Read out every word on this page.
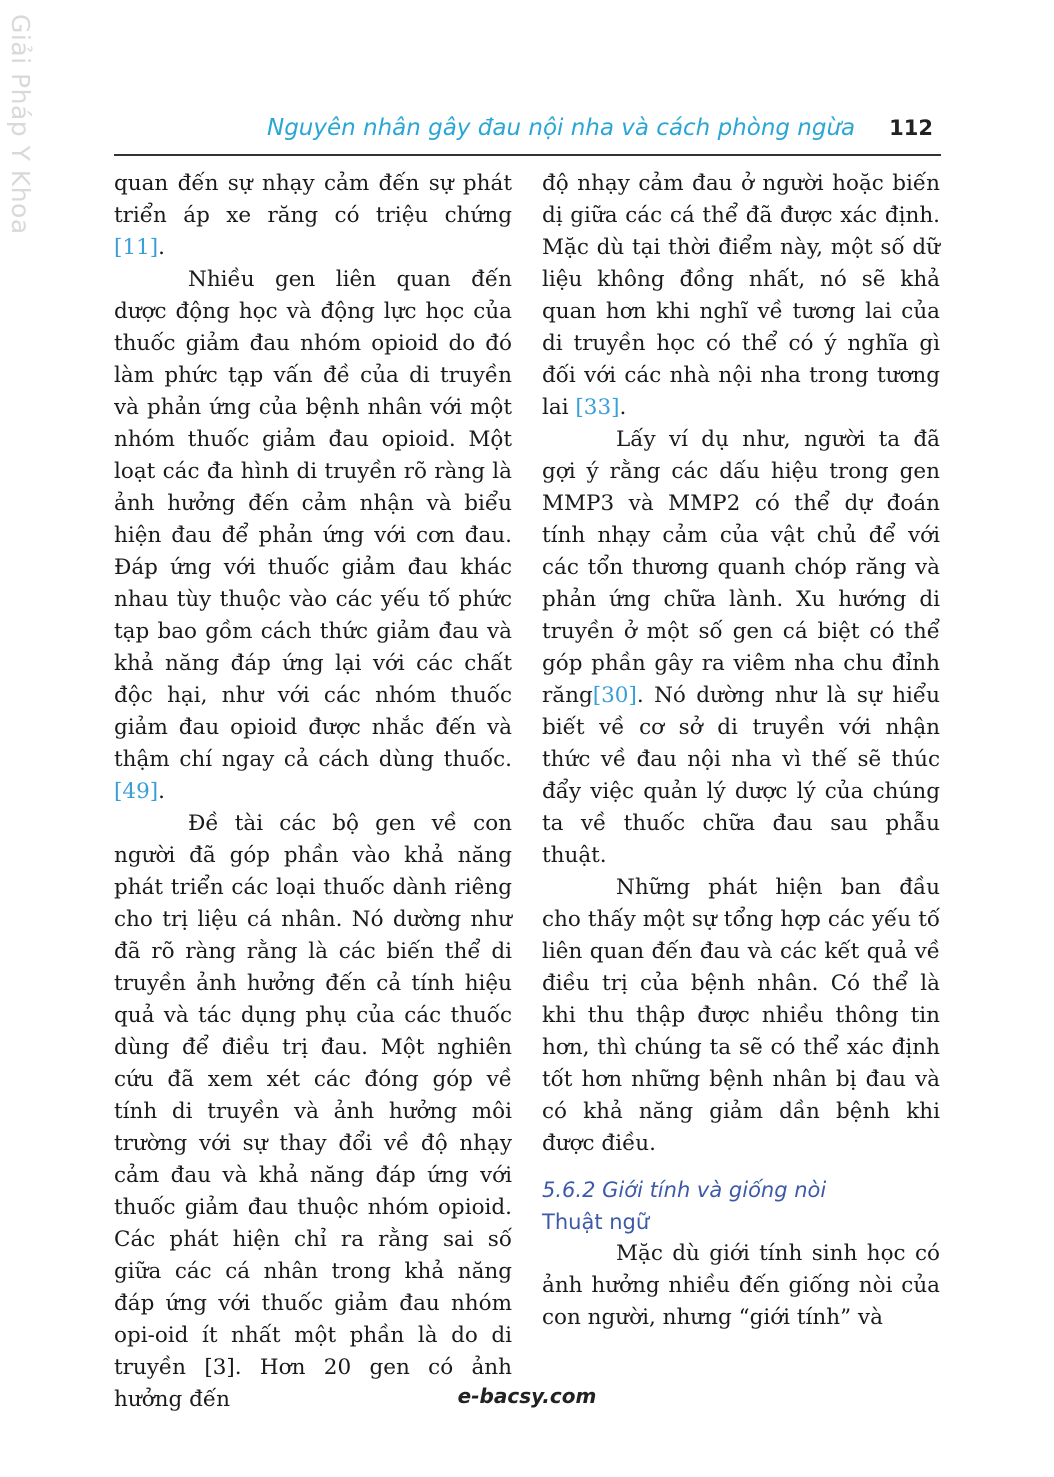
Giải Pháp Y Khoa	Nguyên nhân gây đau nội nha và cách phòng ngừa 112

quan đến sự nhạy cảm đến sự phát triển áp xe răng có triệu chứng [11].

Nhiều gen liên quan đến dược động học và động lực học của thuốc giảm đau nhóm opioid do đó làm phức tạp vấn đề của di truyền và phản ứng của bệnh nhân với một nhóm thuốc giảm đau opioid. Một loạt các đa hình di truyền rõ ràng là ảnh hưởng đến cảm nhận và biểu hiện đau để phản ứng với cơn đau. Đáp ứng với thuốc giảm đau khác nhau tùy thuộc vào các yếu tố phức tạp bao gồm cách thức giảm đau và khả năng đáp ứng lại với các chất độc hại, như với các nhóm thuốc giảm đau opioid được nhắc đến và thậm chí ngay cả cách dùng thuốc. [49].

Đề tài các bộ gen về con người đã góp phần vào khả năng phát triển các loại thuốc dành riêng cho trị liệu cá nhân. Nó dường như đã rõ ràng rằng là các biến thể di truyền ảnh hưởng đến cả tính hiệu quả và tác dụng phụ của các thuốc dùng để điều trị đau. Một nghiên cứu đã xem xét các đóng góp về tính di truyền và ảnh hưởng môi trường với sự thay đổi về độ nhạy cảm đau và khả năng đáp ứng với thuốc giảm đau thuộc nhóm opioid. Các phát hiện chỉ ra rằng sai số giữa các cá nhân trong khả năng đáp ứng với thuốc giảm đau nhóm opi-oid ít nhất một phần là do di truyền [3]. Hơn 20 gen có ảnh hưởng đến

độ nhạy cảm đau ở người hoặc biến dị giữa các cá thể đã được xác định. Mặc dù tại thời điểm này, một số dữ liệu không đồng nhất, nó sẽ khả quan hơn khi nghĩ về tương lai của di truyền học có thể có ý nghĩa gì đối với các nhà nội nha trong tương lai [33].

Lấy ví dụ như, người ta đã gợi ý rằng các dấu hiệu trong gen MMP3 và MMP2 có thể dự đoán tính nhạy cảm của vật chủ để với các tổn thương quanh chóp răng và phản ứng chữa lành. Xu hướng di truyền ở một số gen cá biệt có thể góp phần gây ra viêm nha chu đỉnh răng[30]. Nó dường như là sự hiểu biết về cơ sở di truyền với nhận thức về đau nội nha vì thế sẽ thúc đẩy việc quản lý dược lý của chúng ta về thuốc chữa đau sau phẫu thuật.

Những phát hiện ban đầu cho thấy một sự tổng hợp các yếu tố liên quan đến đau và các kết quả về điều trị của bệnh nhân. Có thể là khi thu thập được nhiều thông tin hơn, thì chúng ta sẽ có thể xác định tốt hơn những bệnh nhân bị đau và có khả năng giảm dần bệnh khi được điều.

5.6.2 Giới tính và giống nòi

Thuật ngữ

Mặc dù giới tính sinh học có ảnh hưởng nhiều đến giống nòi của con người, nhưng “giới tính” và

e-bacsy.com
